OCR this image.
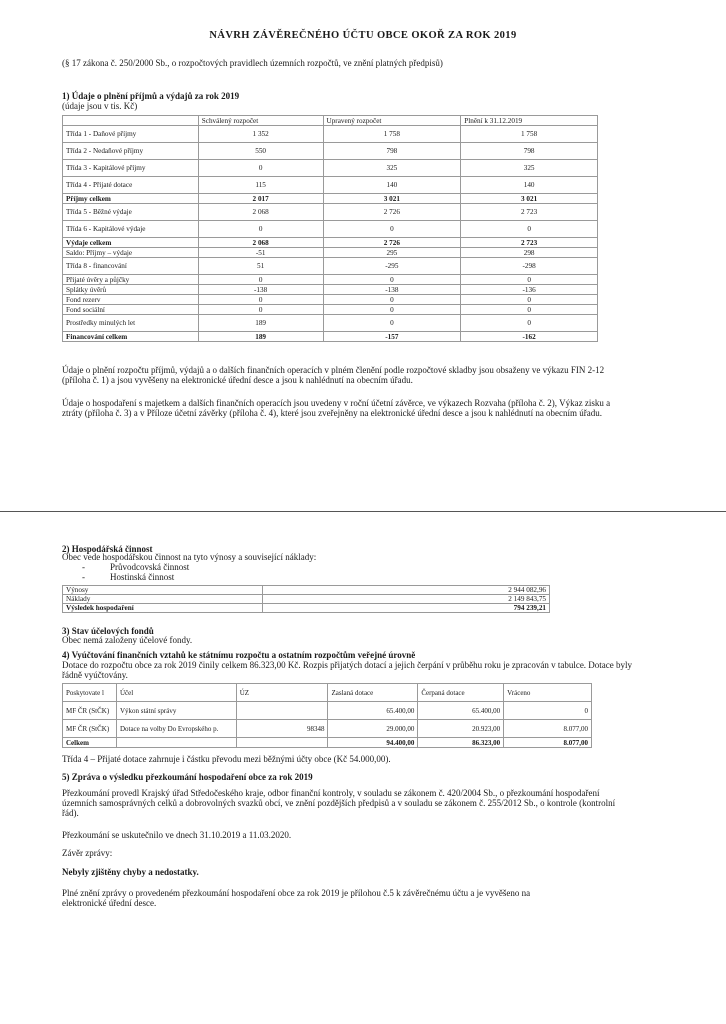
NÁVRH ZÁVĚREČNÉHO ÚČTU OBCE OKOŘ ZA ROK 2019

(§ 17 zákona č. 250/2000 Sb., o rozpočtových pravidlech územních rozpočtů, ve znění platných předpisů)

1) Údaje o plnění příjmů a výdajů za rok 2019

(údaje jsou v tis. Kč)

	Schválený rozpočet	Upravený rozpočet	Plnění k 31.12.2019
Třída 1 - Daňové příjmy	1 352	1 758	1 758
Třída 2 - Nedaňové příjmy	550	798	798
Třída 3 - Kapitálové příjmy	0	325	325
Třída 4 - Přijaté dotace	115	140	140
Příjmy celkem	2 017	3 021	3 021
Třída 5 - Běžné výdaje	2 068	2 726	2 723
Třída 6 - Kapitálové výdaje	0	0	0
Výdaje celkem	2 068	2 726	2 723
Saldo: Příjmy – výdaje	-51	295	298
Třída 8 - financování	51	-295	-298
Přijaté úvěry a půjčky	0	0	0
Splátky úvěrů	-138	-138	-136
Fond rezerv	0	0	0
Fond sociální	0	0	0
Prostředky minulých let	189	0	0
Financování celkem	189	-157	-162

Údaje o plnění rozpočtu příjmů, výdajů a o dalších finančních operacích v plném členění podle rozpočtové skladby jsou obsaženy ve výkazu FIN 2-12 (příloha č. 1) a jsou vyvěšeny na elektronické úřední desce a jsou k nahlédnutí na obecním úřadu.

Údaje o hospodaření s majetkem a dalších finančních operacích jsou uvedeny v roční účetní závěrce, ve výkazech Rozvaha (příloha č. 2), Výkaz zisku a ztráty (příloha č. 3) a v Příloze účetní závěrky (příloha č. 4), které jsou zveřejněny na elektronické úřední desce a jsou k nahlédnutí na obecním úřadu.

2) Hospodářská činnost

Obec vede hospodářskou činnost na tyto výnosy a související náklady:

- Průvodcovská činnost
- Hostinská činnost
Výnosy	2 944 082,96
Náklady	2 149 843,75
Výsledek hospodaření	794 239,21

3) Stav účelových fondů

Obec nemá založeny účelové fondy.

4) Vyúčtování finančních vztahů ke státnímu rozpočtu a ostatním rozpočtům veřejné úrovně

Dotace do rozpočtu obce za rok 2019 činily celkem 86.323,00 Kč. Rozpis přijatých dotací a jejich čerpání v průběhu roku je zpracován v tabulce. Dotace byly řádně vyúčtovány.

Poskytovate l	Účel	ÚZ	Zaslaná dotace	Čerpaná dotace	Vráceno
MF ČR (StČK)	Výkon státní správy		65.400,00	65.400,00	0
MF ČR (StČK)	Dotace na volby Do Evropského p.	98348	29.000,00	20.923,00	8.077,00
Celkem			94.400,00	86.323,00	8.077,00

Třída 4 – Přijaté dotace zahrnuje i částku převodu mezi běžnými účty obce (Kč 54.000,00).

5) Zpráva o výsledku přezkoumání hospodaření obce za rok 2019

Přezkoumání provedl Krajský úřad Středočeského kraje, odbor finanční kontroly, v souladu se zákonem č. 420/2004 Sb., o přezkoumání hospodaření územních samosprávných celků a dobrovolných svazků obcí, ve znění pozdějších předpisů a v souladu se zákonem č. 255/2012 Sb., o kontrole (kontrolní řád).

Přezkoumání se uskutečnilo ve dnech 31.10.2019 a 11.03.2020.

Závěr zprávy:

Nebyly zjištěny chyby a nedostatky.

Plné znění zprávy o provedeném přezkoumání hospodaření obce za rok 2019 je přílohou č.5 k závěrečnému účtu a je vyvěšeno na elektronické úřední desce.
